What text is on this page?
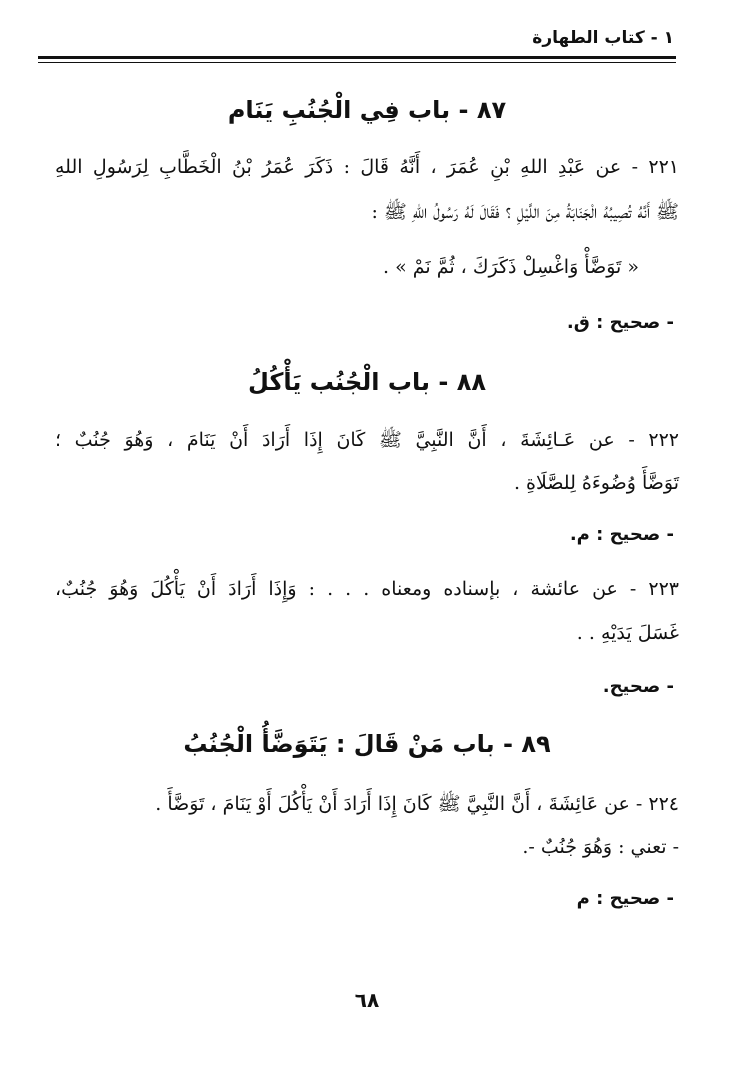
١ - كتاب الطهارة
٨٧ - باب فِي الْجُنُبِ يَنَام
٢٢١ - عن عَبْدِ اللهِ بْنِ عُمَرَ ، أَنَّهُ قَالَ : ذَكَرَ عُمَرُ بْنُ الْخَطَّابِ لِرَسُولِ اللهِ
ﷺ أَنَّهُ تُصِيبُهُ الْجَنَابَةُ مِنَ اللَّيْلِ ؟ فَقَالَ لَهُ رَسُولُ اللهِ ﷺ :
« تَوَضَّأْ وَاغْسِلْ ذَكَرَكَ ، ثُمَّ نَمْ » .
- صحيح : ق.
٨٨ - باب الْجُنُب يَأْكُلُ
٢٢٢ - عن عَـائِشَةَ ، أَنَّ النَّبِيَّ ﷺ كَانَ إِذَا أَرَادَ أَنْ يَنَامَ ، وَهُوَ جُنُبٌ ؛
تَوَضَّأَ وُضُوءَهُ لِلصَّلَاةِ .
- صحيح : م.
٢٢٣ - عن عائشة ، بإسناده ومعناه . . . : وَإِذَا أَرَادَ أَنْ يَأْكُلَ وَهُوَ جُنُبٌ،
غَسَلَ يَدَيْهِ . .
- صحيح.
٨٩ - باب مَنْ قَالَ : يَتَوَضَّأُ الْجُنُبُ
٢٢٤ - عن عَائِشَةَ ، أَنَّ النَّبِيَّ ﷺ كَانَ إِذَا أَرَادَ أَنْ يَأْكُلَ أَوْ يَنَامَ ، تَوَضَّأَ .
- تعني : وَهُوَ جُنُبٌ -.
- صحيح : م
٦٨
